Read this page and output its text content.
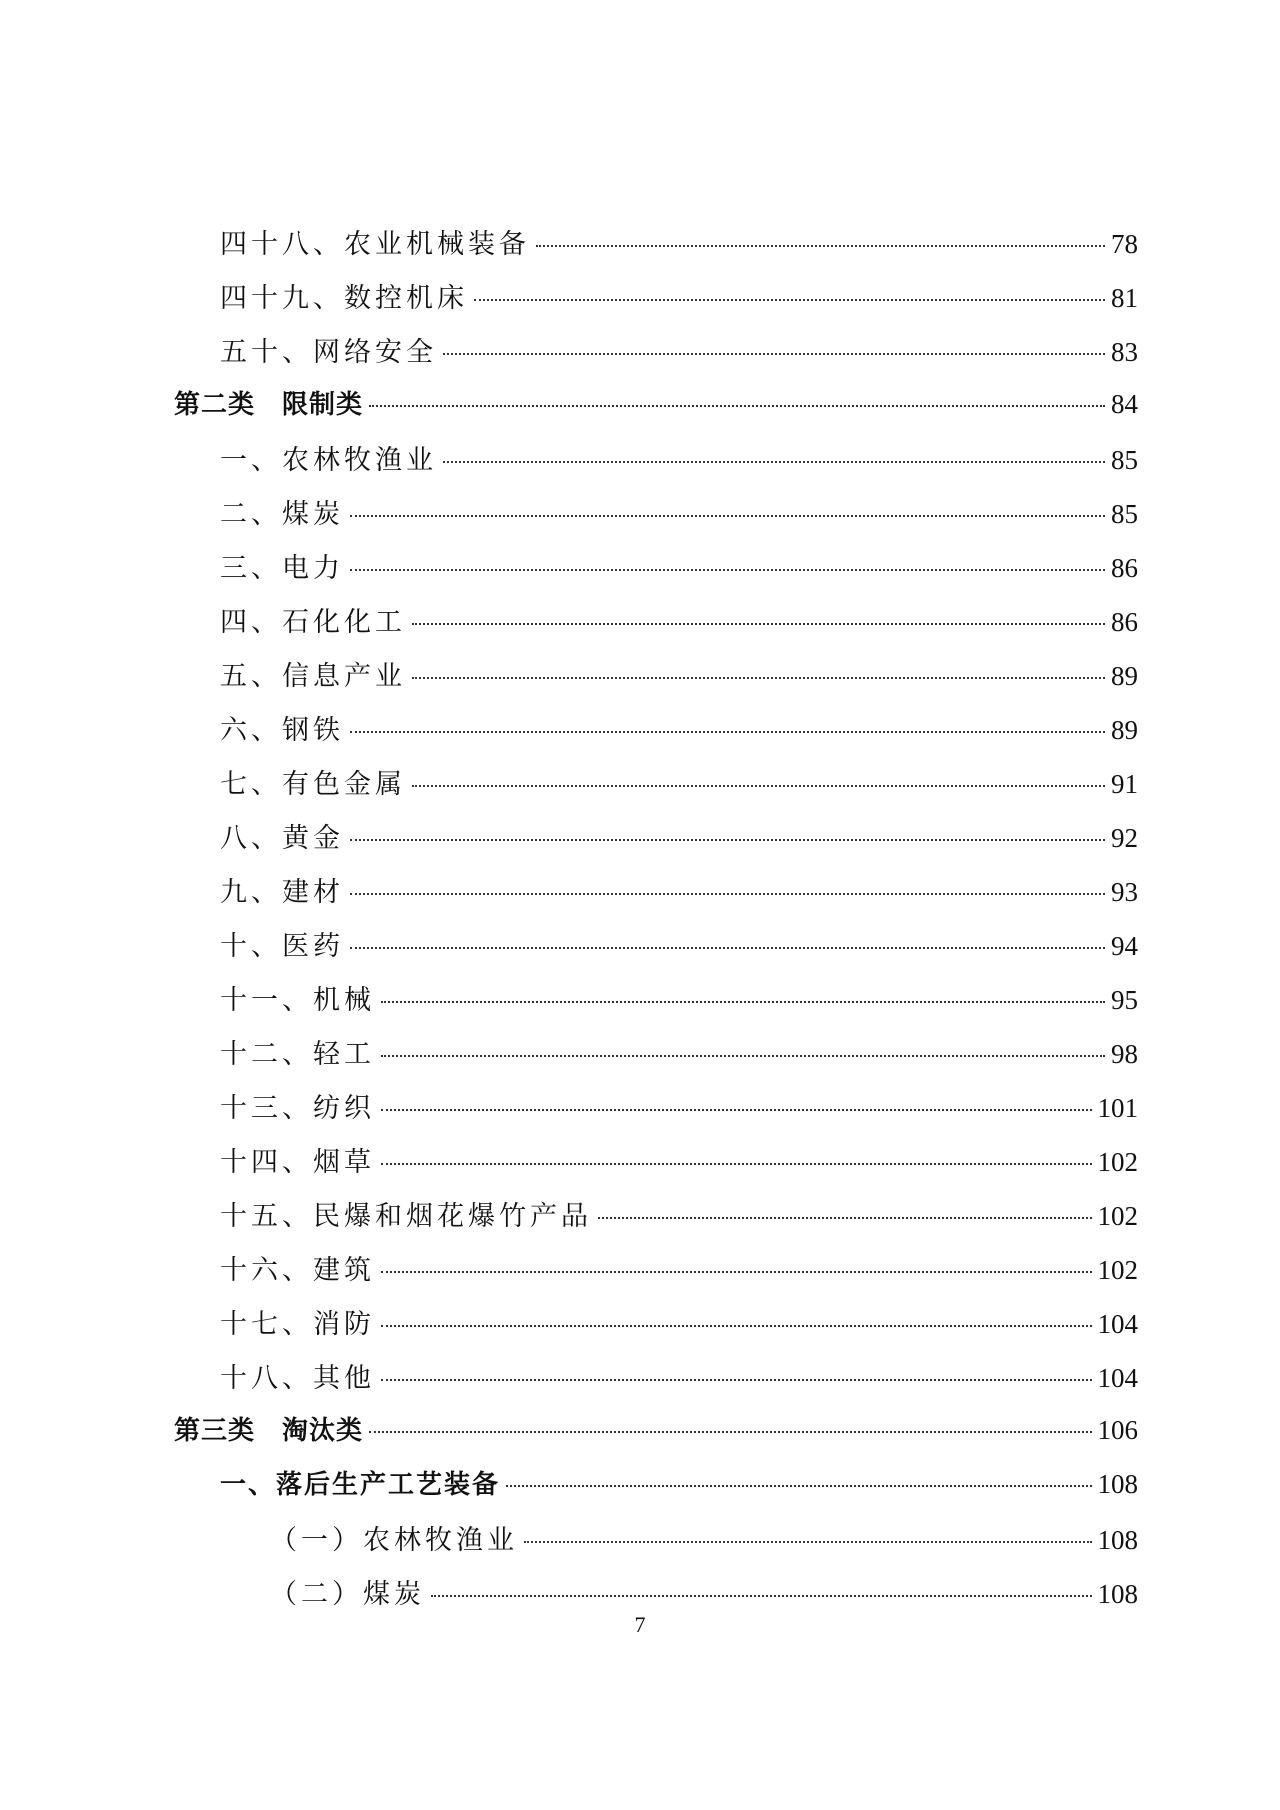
四十八、农业机械装备	78
四十九、数控机床	81
五十、网络安全	83
第二类　限制类	84
一、农林牧渔业	85
二、煤炭	85
三、电力	86
四、石化化工	86
五、信息产业	89
六、钢铁	89
七、有色金属	91
八、黄金	92
九、建材	93
十、医药	94
十一、机械	95
十二、轻工	98
十三、纺织	101
十四、烟草	102
十五、民爆和烟花爆竹产品	102
十六、建筑	102
十七、消防	104
十八、其他	104
第三类　淘汰类	106
一、落后生产工艺装备	108
（一）农林牧渔业	108
（二）煤炭	108
7
